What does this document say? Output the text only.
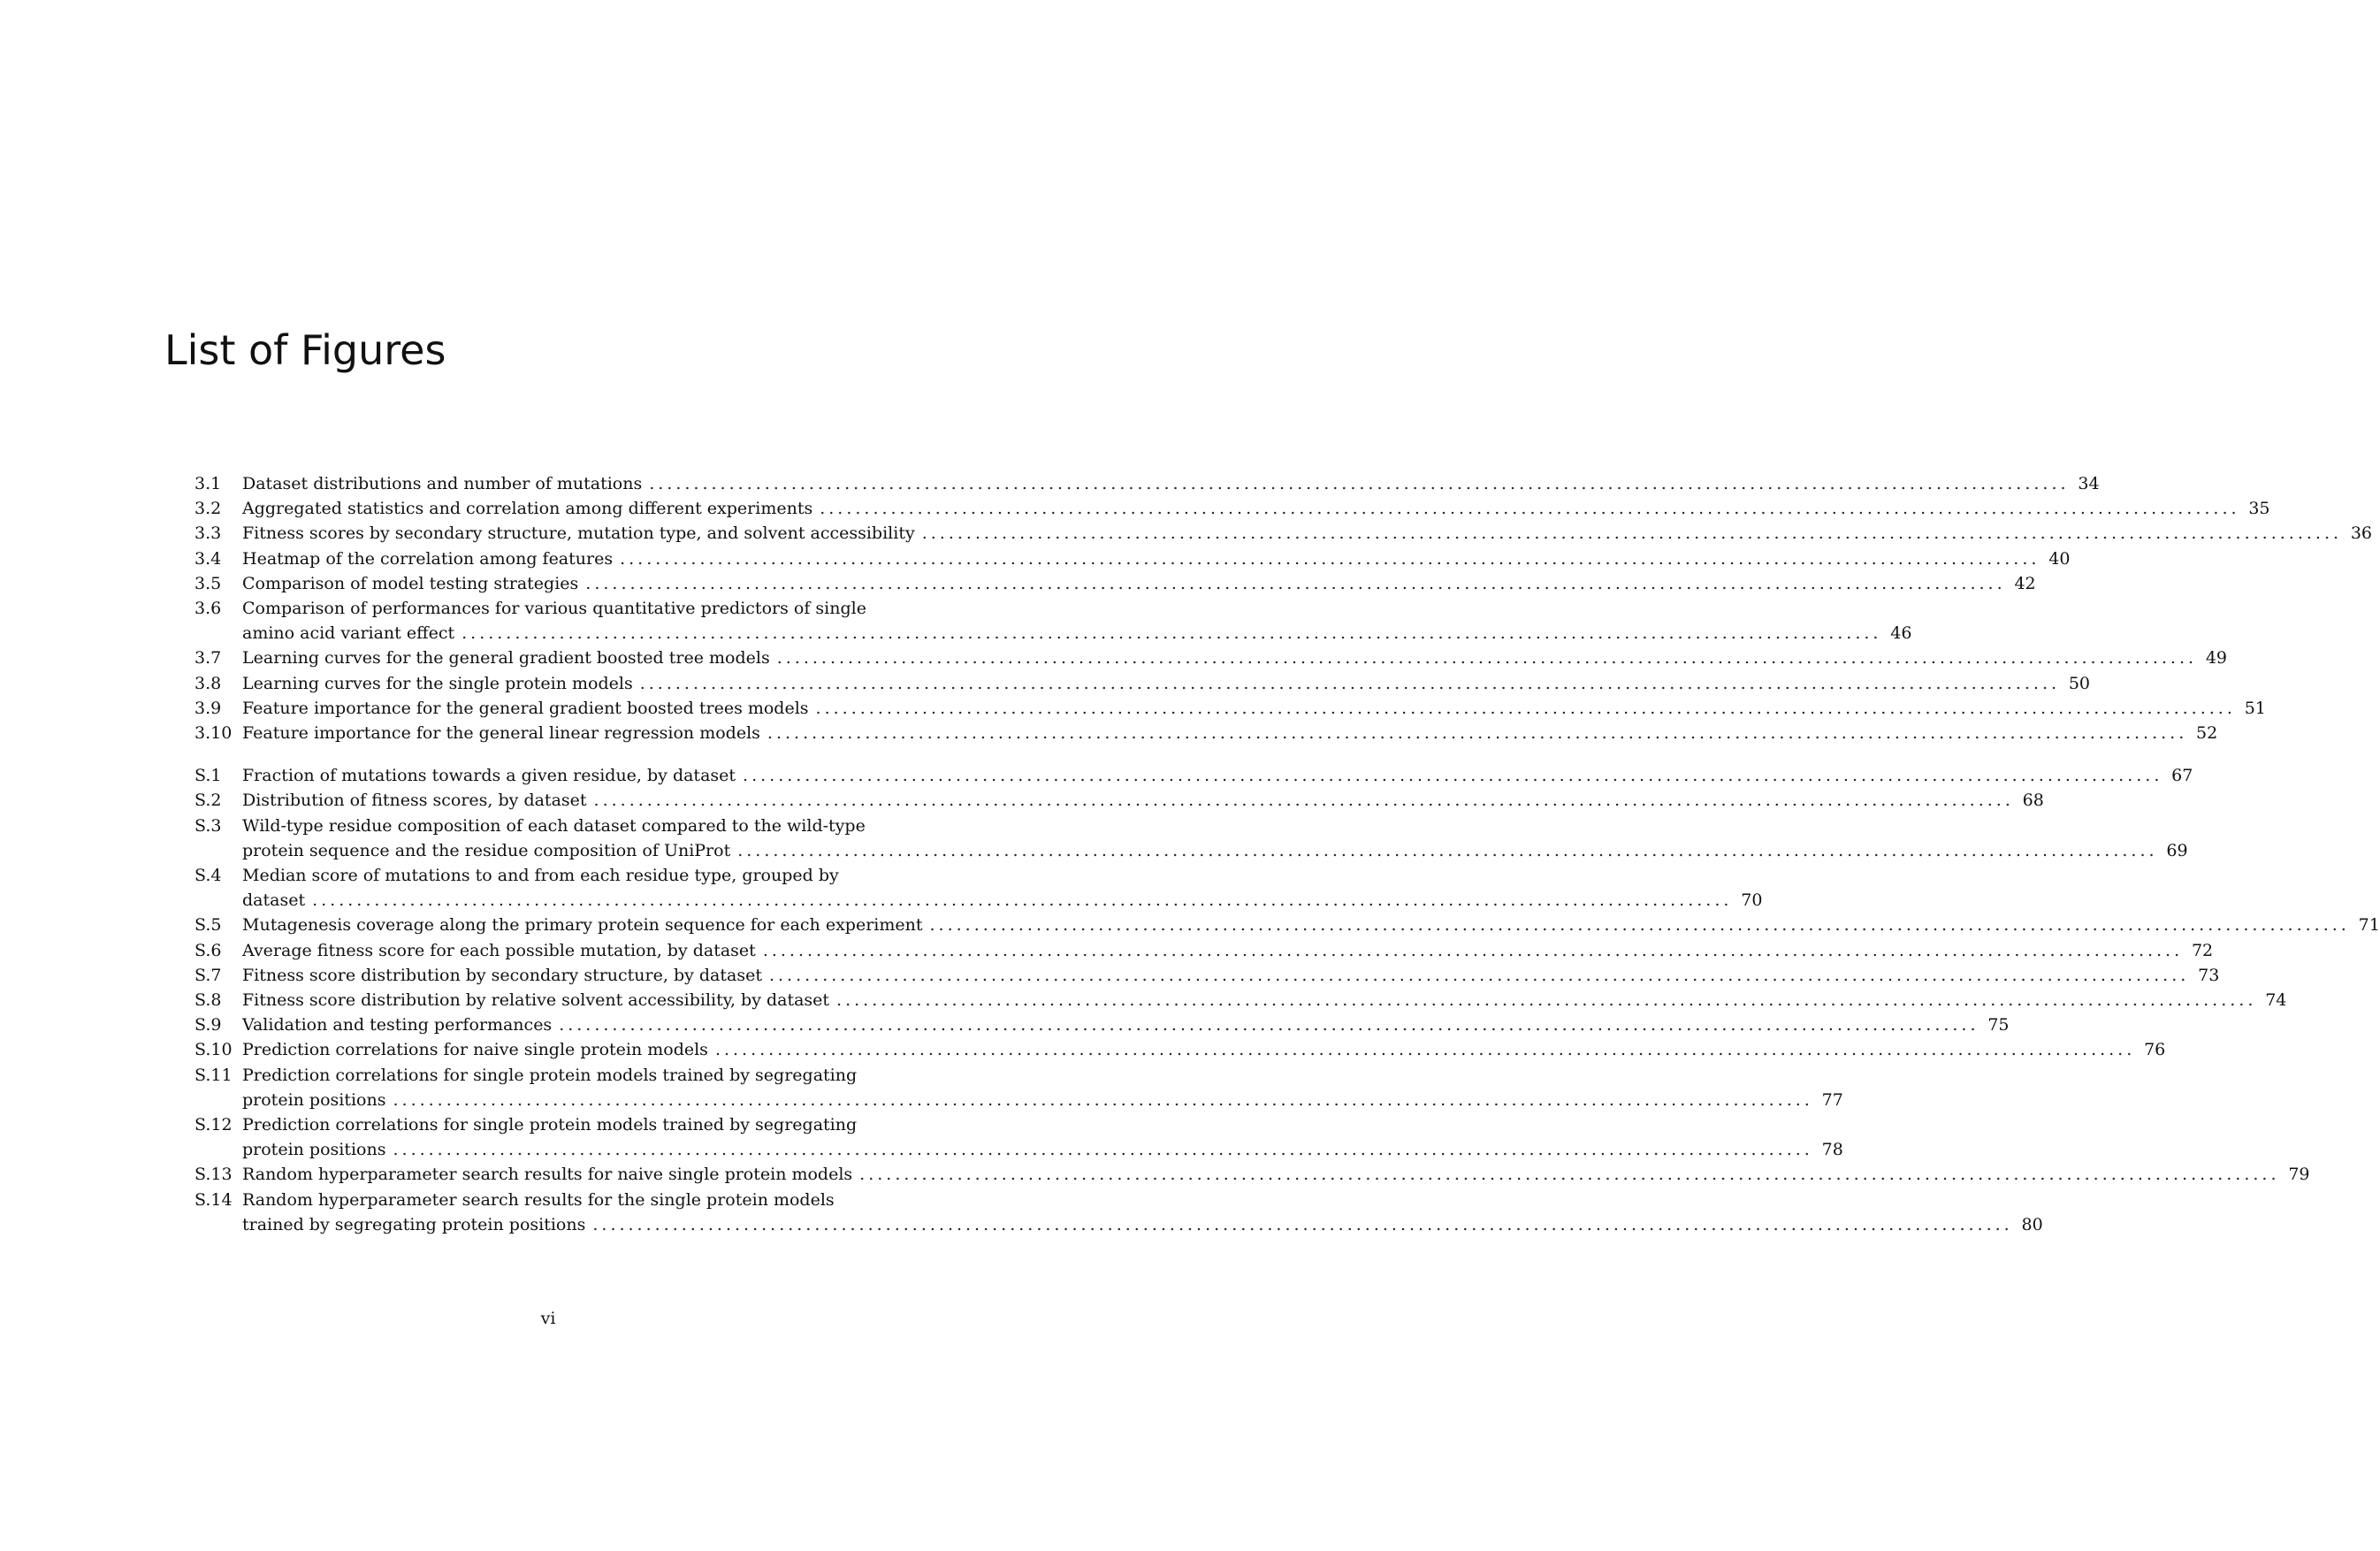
List of Figures
3.1	Dataset distributions and number of mutations ................................................................................................................................................................ 34
3.2	Aggregated statistics and correlation among different experiments ................................................................................................................................................................ 35
3.3	Fitness scores by secondary structure, mutation type, and solvent accessibility ................................................................................................................................................................ 36
3.4	Heatmap of the correlation among features ................................................................................................................................................................ 40
3.5	Comparison of model testing strategies ................................................................................................................................................................ 42
3.6	Comparison of performances for various quantitative predictors of single
amino acid variant effect ................................................................................................................................................................ 46
3.7	Learning curves for the general gradient boosted tree models ................................................................................................................................................................ 49
3.8	Learning curves for the single protein models ................................................................................................................................................................ 50
3.9	Feature importance for the general gradient boosted trees models ................................................................................................................................................................ 51
3.10 Feature importance for the general linear regression models ................................................................................................................................................................ 52
S.1	Fraction of mutations towards a given residue, by dataset ................................................................................................................................................................ 67
S.2	Distribution of fitness scores, by dataset ................................................................................................................................................................ 68
S.3	Wild-type residue composition of each dataset compared to the wild-type
protein sequence and the residue composition of UniProt ................................................................................................................................................................ 69
S.4	Median score of mutations to and from each residue type, grouped by
dataset ................................................................................................................................................................ 70
S.5	Mutagenesis coverage along the primary protein sequence for each experiment ................................................................................................................................................................ 71
S.6	Average fitness score for each possible mutation, by dataset ................................................................................................................................................................ 72
S.7	Fitness score distribution by secondary structure, by dataset ................................................................................................................................................................ 73
S.8	Fitness score distribution by relative solvent accessibility, by dataset ................................................................................................................................................................ 74
S.9	Validation and testing performances ................................................................................................................................................................ 75
S.10 Prediction correlations for naive single protein models ................................................................................................................................................................ 76
S.11 Prediction correlations for single protein models trained by segregating
protein positions ................................................................................................................................................................ 77
S.12 Prediction correlations for single protein models trained by segregating
protein positions ................................................................................................................................................................ 78
S.13 Random hyperparameter search results for naive single protein models ................................................................................................................................................................ 79
S.14 Random hyperparameter search results for the single protein models
trained by segregating protein positions ................................................................................................................................................................ 80
vi
